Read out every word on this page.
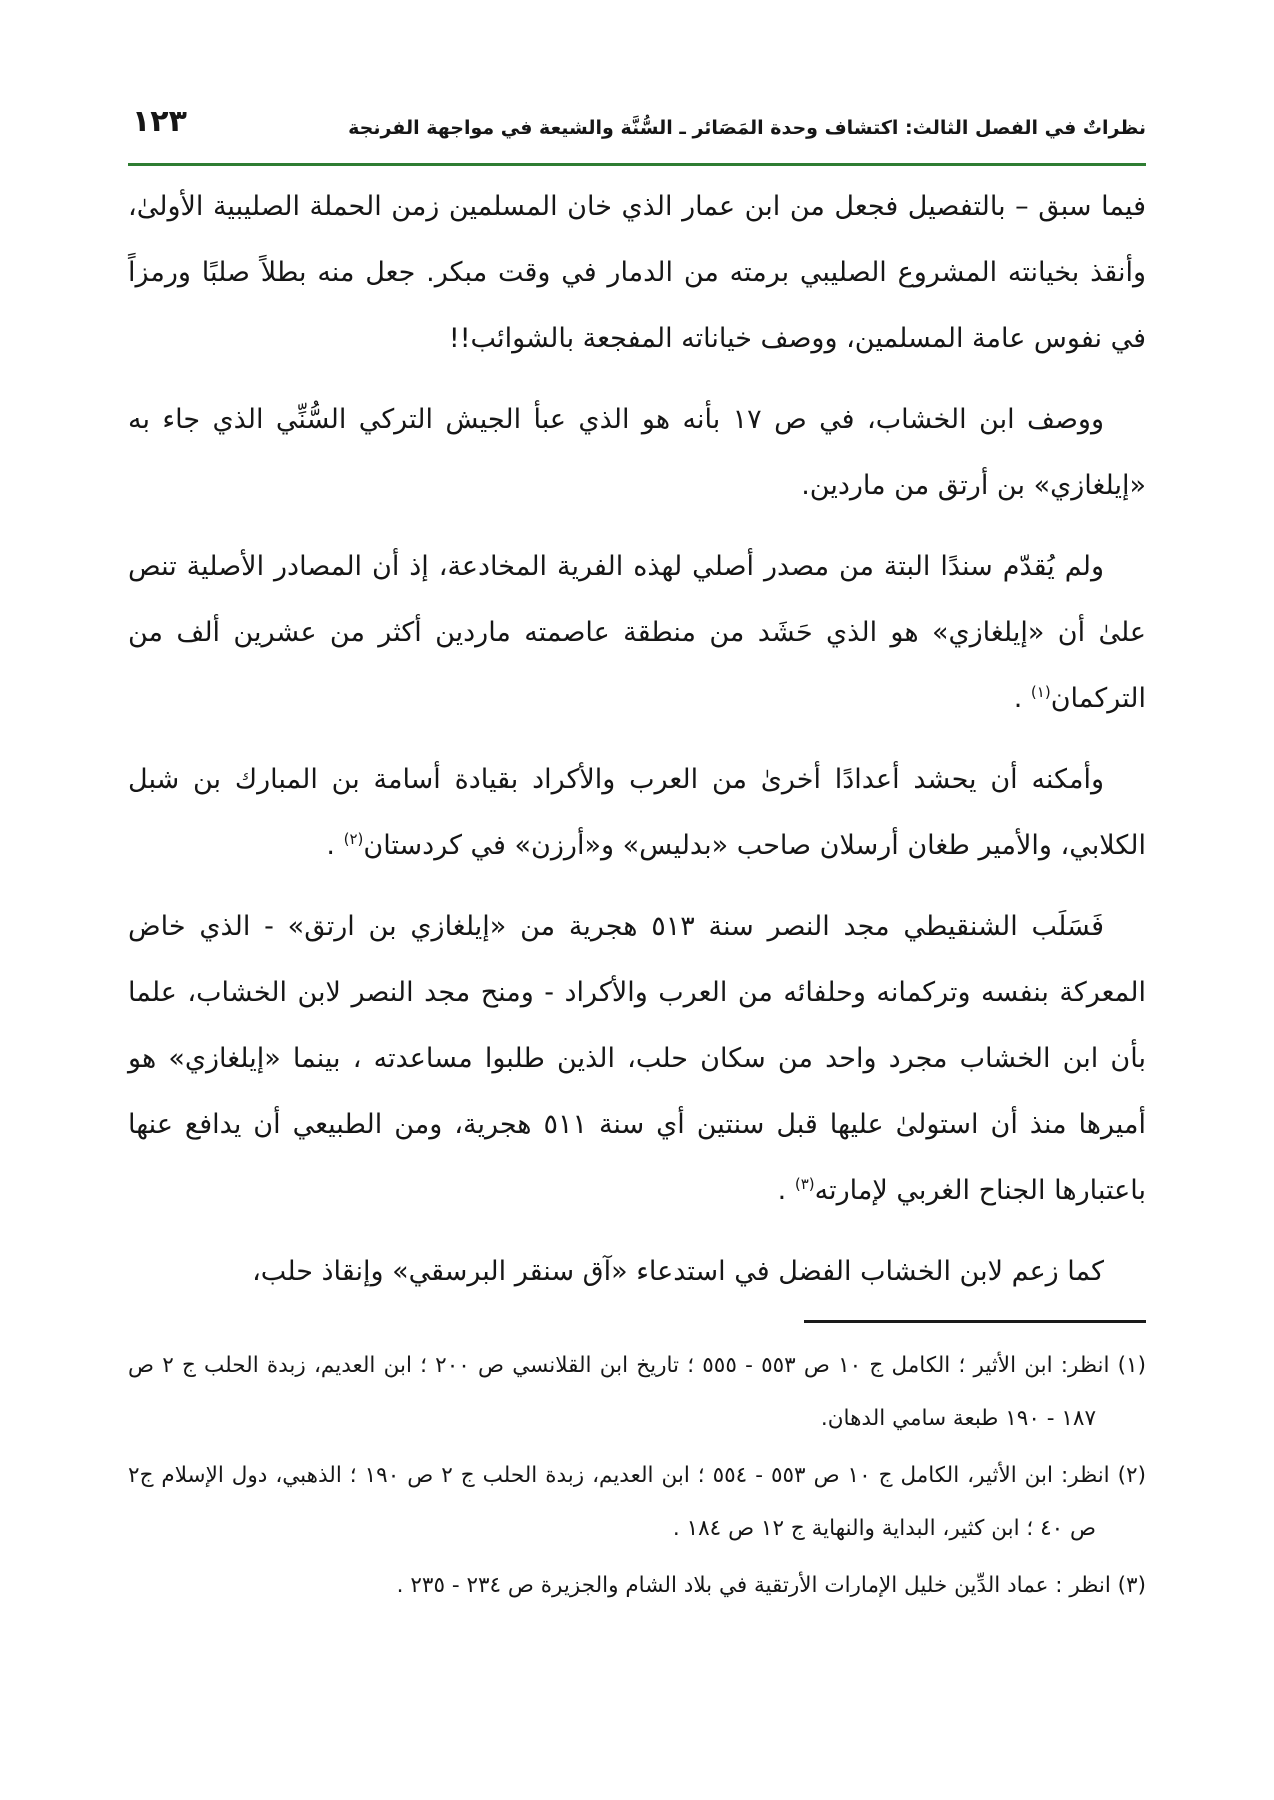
نظراتٌ في الفصل الثالث: اكتشاف وحدة المَصَائر ـ السُّنَّة والشيعة في مواجهة الفرنجة
١٢٣

فيما سبق – بالتفصيل فجعل من ابن عمار الذي خان المسلمين زمن الحملة الصليبية الأولىٰ، وأنقذ بخيانته المشروع الصليبي برمته من الدمار في وقت مبكر. جعل منه بطلاً صلبًا ورمزاً في نفوس عامة المسلمين، ووصف خياناته المفجعة بالشوائب!!

ووصف ابن الخشاب، في ص ١٧ بأنه هو الذي عبأ الجيش التركي السُّنِّي الذي جاء به «إيلغازي» بن أرتق من ماردين.

ولم يُقدّم سندًا البتة من مصدر أصلي لهذه الفرية المخادعة، إذ أن المصادر الأصلية تنص علىٰ أن «إيلغازي» هو الذي حَشَد من منطقة عاصمته ماردين أكثر من عشرين ألف من التركمان$^{(١)}$ .

وأمكنه أن يحشد أعدادًا أخرىٰ من العرب والأكراد بقيادة أسامة بن المبارك بن شبل الكلابي، والأمير طغان أرسلان صاحب «بدليس» و«أرزن» في كردستان$^{(٢)}$ .

فَسَلَب الشنقيطي مجد النصر سنة ٥١٣ هجرية من «إيلغازي بن ارتق» - الذي خاض المعركة بنفسه وتركمانه وحلفائه من العرب والأكراد - ومنح مجد النصر لابن الخشاب، علما بأن ابن الخشاب مجرد واحد من سكان حلب، الذين طلبوا مساعدته ، بينما «إيلغازي» هو أميرها منذ أن استولىٰ عليها قبل سنتين أي سنة ٥١١ هجرية، ومن الطبيعي أن يدافع عنها باعتبارها الجناح الغربي لإمارته$^{(٣)}$ .

كما زعم لابن الخشاب الفضل في استدعاء «آق سنقر البرسقي» وإنقاذ حلب،

(١) انظر: ابن الأثير ؛ الكامل ج ١٠ ص ٥٥٣ - ٥٥٥ ؛ تاريخ ابن القلانسي ص ٢٠٠ ؛ ابن العديم، زبدة الحلب ج ٢ ص ١٨٧ - ١٩٠ طبعة سامي الدهان.
(٢) انظر: ابن الأثير، الكامل ج ١٠ ص ٥٥٣ - ٥٥٤ ؛ ابن العديم، زبدة الحلب ج ٢ ص ١٩٠ ؛ الذهبي، دول الإسلام ج٢ ص ٤٠ ؛ ابن كثير، البداية والنهاية ج ١٢ ص ١٨٤ .
(٣) انظر : عماد الدِّين خليل الإمارات الأرتقية في بلاد الشام والجزيرة ص ٢٣٤ - ٢٣٥ .
